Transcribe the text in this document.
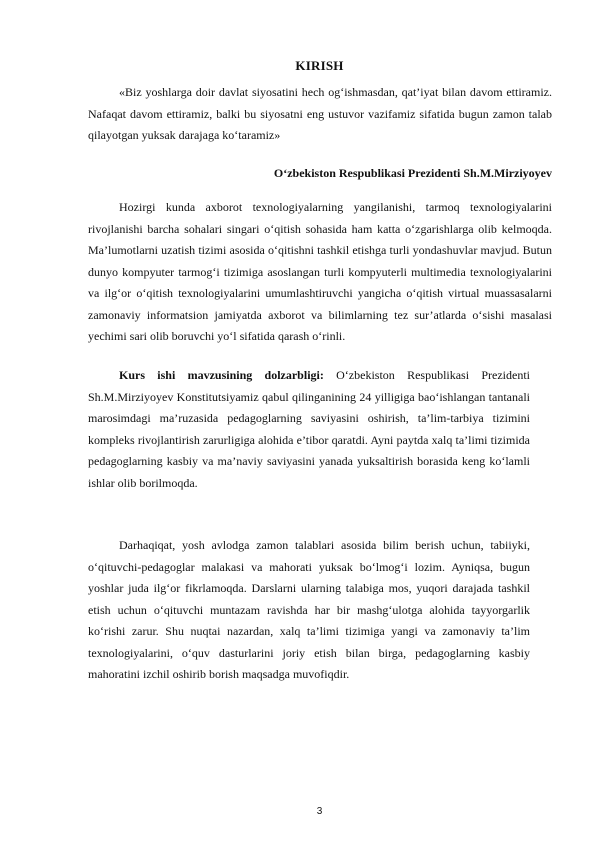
KIRISH

«Biz yoshlarga doir davlat siyosatini hech og‘ishmasdan, qat’iyat bilan davom ettiramiz. Nafaqat davom ettiramiz, balki bu siyosatni eng ustuvor vazifamiz sifatida bugun zamon talab qilayotgan yuksak darajaga ko‘taramiz»

O‘zbekiston Respublikasi Prezidenti Sh.M.Mirziyoyev

Hozirgi kunda axborot texnologiyalarning yangilanishi, tarmoq texnologiyalarini rivojlanishi barcha sohalari singari o‘qitish sohasida ham katta o‘zgarishlarga olib kelmoqda. Ma’lumotlarni uzatish tizimi asosida o‘qitishni tashkil etishga turli yondashuvlar mavjud. Butun dunyo kompyuter tarmog‘i tizimiga asoslangan turli kompyuterli multimedia texnologiyalarini va ilg‘or o‘qitish texnologiyalarini umumlashtiruvchi yangicha o‘qitish virtual muassasalarni zamonaviy informatsion jamiyatda axborot va bilimlarning tez sur’atlarda o‘sishi masalasi yechimi sari olib boruvchi yo‘l sifatida qarash o‘rinli.

Kurs ishi mavzusining dolzarbligi: O‘zbekiston Respublikasi Prezidenti Sh.M.Mirziyoyev Konstitutsiyamiz qabul qilinganining 24 yilligiga bao‘ishlangan tantanali marosimdagi ma’ruzasida pedagoglarning saviyasini oshirish, ta’lim-tarbiya tizimini kompleks rivojlantirish zarurligiga alohida e’tibor qaratdi. Ayni paytda xalq ta’limi tizimida pedagoglarning kasbiy va ma’naviy saviyasini yanada yuksaltirish borasida keng ko‘lamli ishlar olib borilmoqda.

Darhaqiqat, yosh avlodga zamon talablari asosida bilim berish uchun, tabiiyki, o‘qituvchi-pedagoglar malakasi va mahorati yuksak bo‘lmog‘i lozim. Ayniqsa, bugun yoshlar juda ilg‘or fikrlamoqda. Darslarni ularning talabiga mos, yuqori darajada tashkil etish uchun o‘qituvchi muntazam ravishda har bir mashg‘ulotga alohida tayyorgarlik ko‘rishi zarur. Shu nuqtai nazardan, xalq ta’limi tizimiga yangi va zamonaviy ta’lim texnologiyalarini, o‘quv dasturlarini joriy etish bilan birga, pedagoglarning kasbiy mahoratini izchil oshirib borish maqsadga muvofiqdir.

3
